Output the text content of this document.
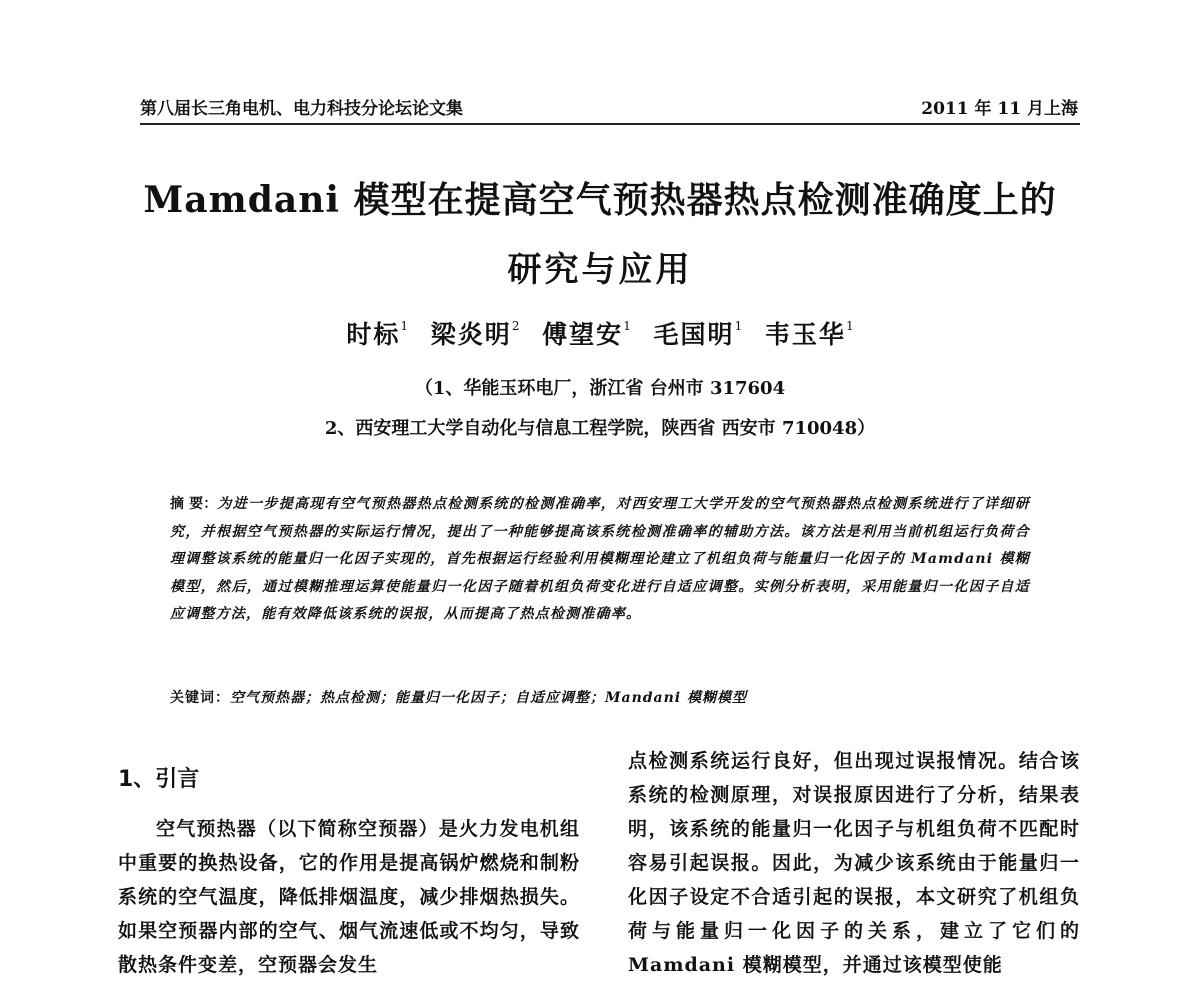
第八届长三角电机、电力科技分论坛论文集	2011 年 11 月上海
Mamdani 模型在提高空气预热器热点检测准确度上的
研究与应用
时标$^1$ 梁炎明$^2$ 傅望安$^1$ 毛国明$^1$ 韦玉华$^1$
（1、华能玉环电厂，浙江省 台州市 317604
2、西安理工大学自动化与信息工程学院，陕西省 西安市 710048）
摘 要：为进一步提高现有空气预热器热点检测系统的检测准确率，对西安理工大学开发的空气预热器热点检测系统进行了详细研究，并根据空气预热器的实际运行情况，提出了一种能够提高该系统检测准确率的辅助方法。该方法是利用当前机组运行负荷合理调整该系统的能量归一化因子实现的，首先根据运行经验利用模糊理论建立了机组负荷与能量归一化因子的 Mamdani 模糊模型，然后，通过模糊推理运算使能量归一化因子随着机组负荷变化进行自适应调整。实例分析表明，采用能量归一化因子自适应调整方法，能有效降低该系统的误报，从而提高了热点检测准确率。
关键词：空气预热器；热点检测；能量归一化因子；自适应调整；Mandani 模糊模型
1、引言
空气预热器（以下简称空预器）是火力发电机组中重要的换热设备，它的作用是提高锅炉燃烧和制粉系统的空气温度，降低排烟温度，减少排烟热损失。如果空预器内部的空气、烟气流速低或不均匀，导致散热条件变差，空预器会发生
点检测系统运行良好，但出现过误报情况。结合该系统的检测原理，对误报原因进行了分析，结果表明，该系统的能量归一化因子与机组负荷不匹配时容易引起误报。因此，为减少该系统由于能量归一化因子设定不合适引起的误报，本文研究了机组负荷与能量归一化因子的关系，建立了它们的 Mamdani 模糊模型，并通过该模型使能
